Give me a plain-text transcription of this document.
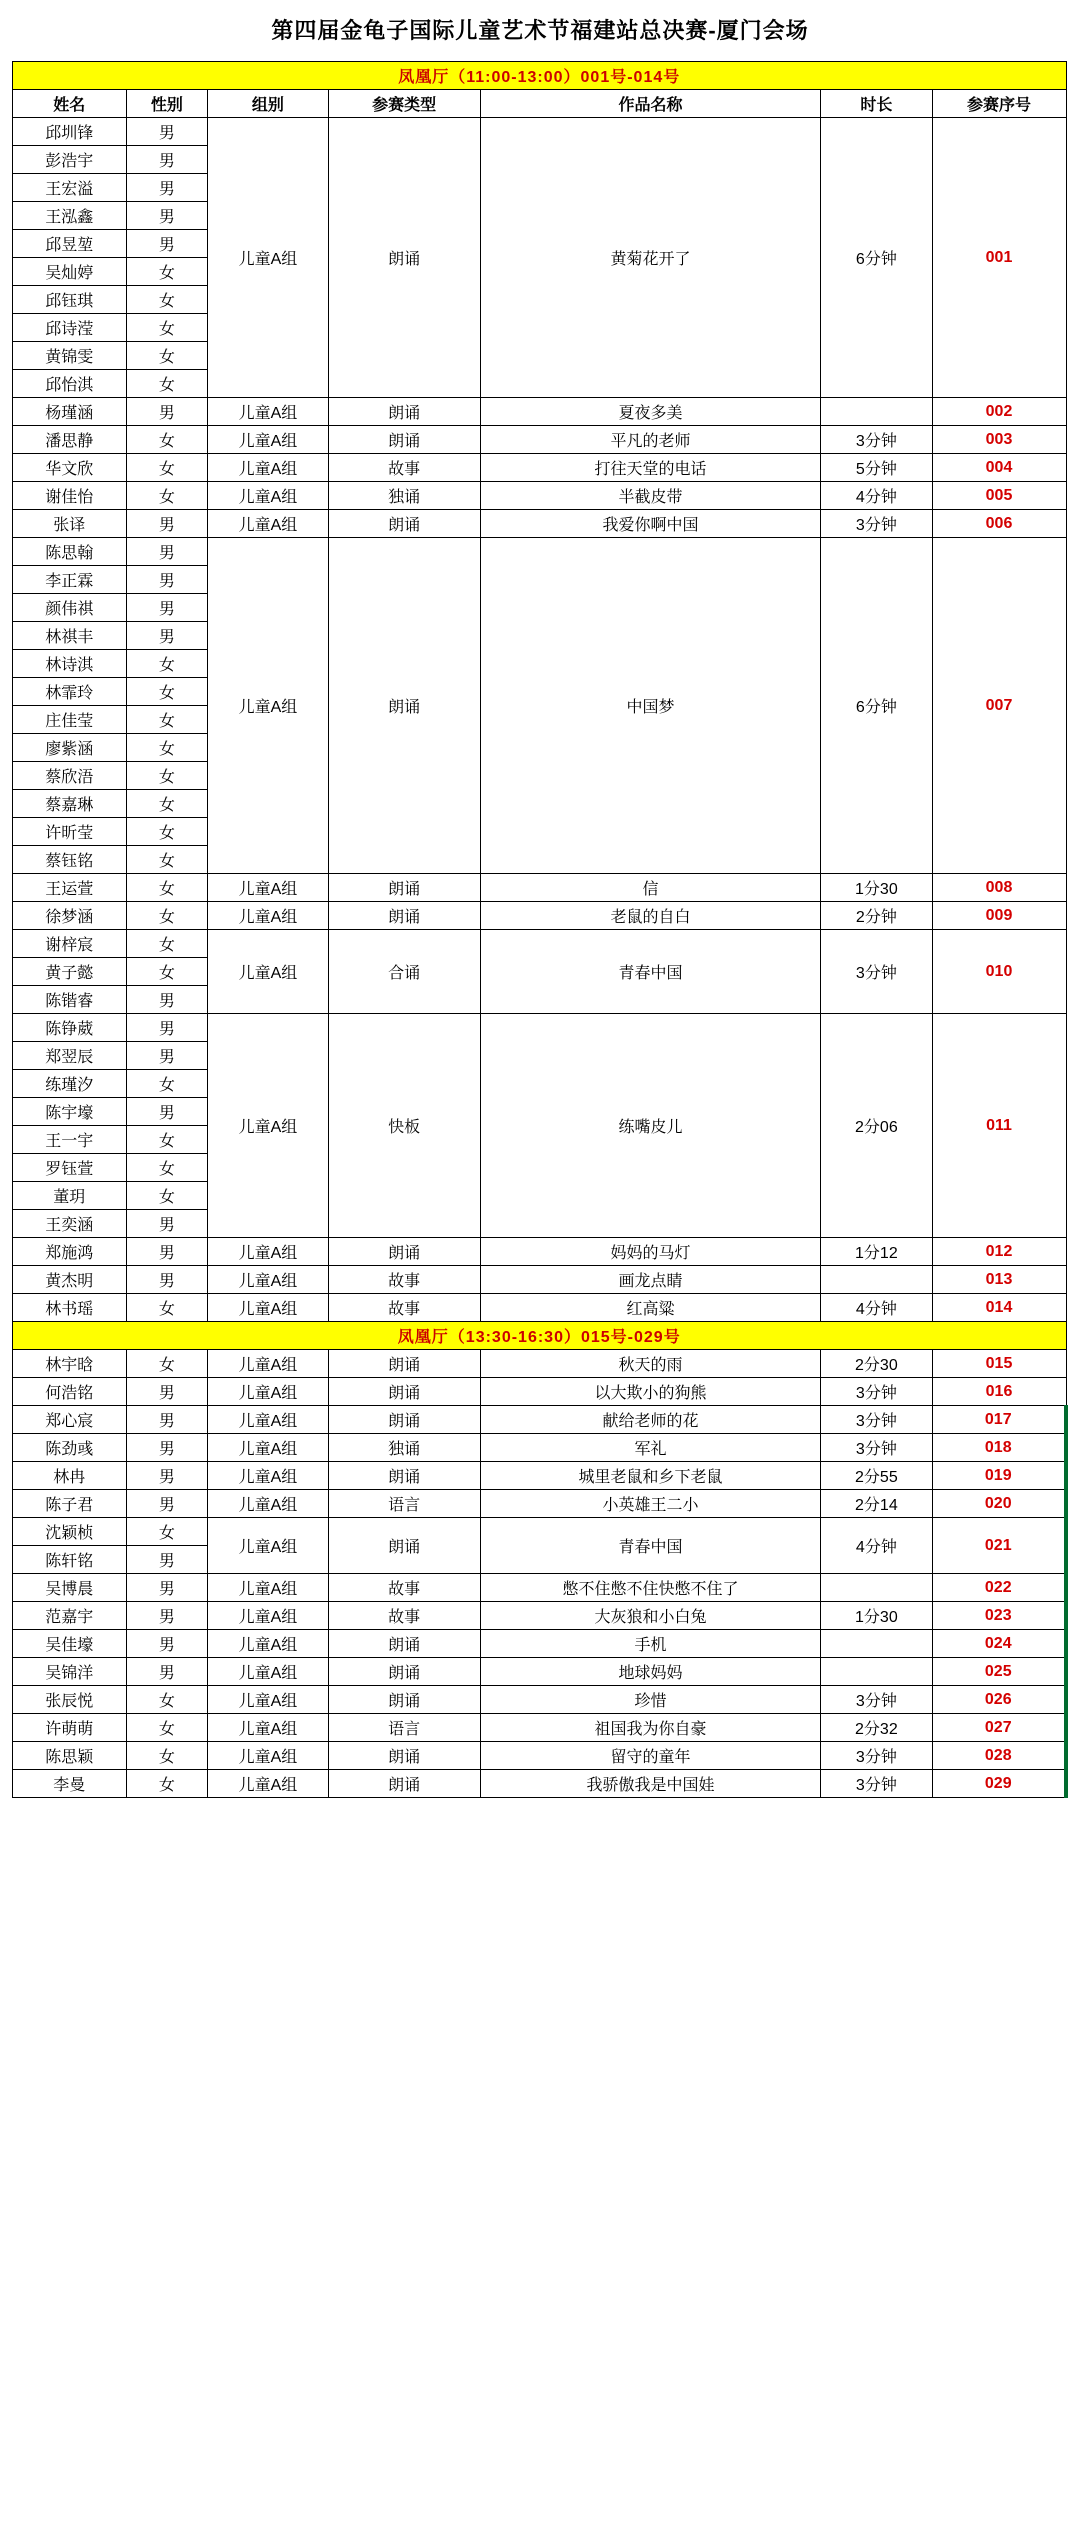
第四届金龟子国际儿童艺术节福建站总决赛-厦门会场
凤凰厅（11:00-13:00）001号-014号						
姓名	性别	组别	参赛类型	作品名称	时长	参赛序号
邱圳锋	男	儿童A组	朗诵	黄菊花开了	6分钟	001
彭浩宇	男					
王宏溢	男					
王泓鑫	男					
邱昱堃	男					
吴灿婷	女					
邱钰琪	女					
邱诗滢	女					
黄锦雯	女					
邱怡淇	女					
杨瑾涵	男	儿童A组	朗诵	夏夜多美		002
潘思静	女	儿童A组	朗诵	平凡的老师	3分钟	003
华文欣	女	儿童A组	故事	打往天堂的电话	5分钟	004
谢佳怡	女	儿童A组	独诵	半截皮带	4分钟	005
张译	男	儿童A组	朗诵	我爱你啊中国	3分钟	006
陈思翰	男	儿童A组	朗诵	中国梦	6分钟	007
李正霖	男					
颜伟祺	男					
林祺丰	男					
林诗淇	女					
林霏玲	女					
庄佳莹	女					
廖紫涵	女					
蔡欣浯	女					
蔡嘉琳	女					
许昕莹	女					
蔡钰铭	女					
王运萱	女	儿童A组	朗诵	信	1分30	008
徐梦涵	女	儿童A组	朗诵	老鼠的自白	2分钟	009
谢梓宸	女	儿童A组	合诵	青春中国	3分钟	010
黄子懿	女					
陈锴睿	男					
陈铮葳	男	儿童A组	快板	练嘴皮儿	2分06	011
郑翌辰	男					
练瑾汐	女					
陈宇壕	男					
王一宇	女					
罗钰萱	女					
董玥	女					
王奕涵	男					
郑施鸿	男	儿童A组	朗诵	妈妈的马灯	1分12	012
黄杰明	男	儿童A组	故事	画龙点睛		013
林书瑶	女	儿童A组	故事	红高粱	4分钟	014
凤凰厅（13:30-16:30）015号-029号						
林宇晗	女	儿童A组	朗诵	秋天的雨	2分30	015
何浩铭	男	儿童A组	朗诵	以大欺小的狗熊	3分钟	016
郑心宸	男	儿童A组	朗诵	献给老师的花	3分钟	017
陈劲彧	男	儿童A组	独诵	军礼	3分钟	018
林冉	男	儿童A组	朗诵	城里老鼠和乡下老鼠	2分55	019
陈子君	男	儿童A组	语言	小英雄王二小	2分14	020
沈颖桢	女	儿童A组	朗诵	青春中国	4分钟	021
陈轩铭	男					
吴博晨	男	儿童A组	故事	憋不住憋不住快憋不住了		022
范嘉宇	男	儿童A组	故事	大灰狼和小白兔	1分30	023
吴佳壕	男	儿童A组	朗诵	手机		024
吴锦洋	男	儿童A组	朗诵	地球妈妈		025
张辰悦	女	儿童A组	朗诵	珍惜	3分钟	026
许萌萌	女	儿童A组	语言	祖国我为你自豪	2分32	027
陈思颖	女	儿童A组	朗诵	留守的童年	3分钟	028
李曼	女	儿童A组	朗诵	我骄傲我是中国娃	3分钟	029
